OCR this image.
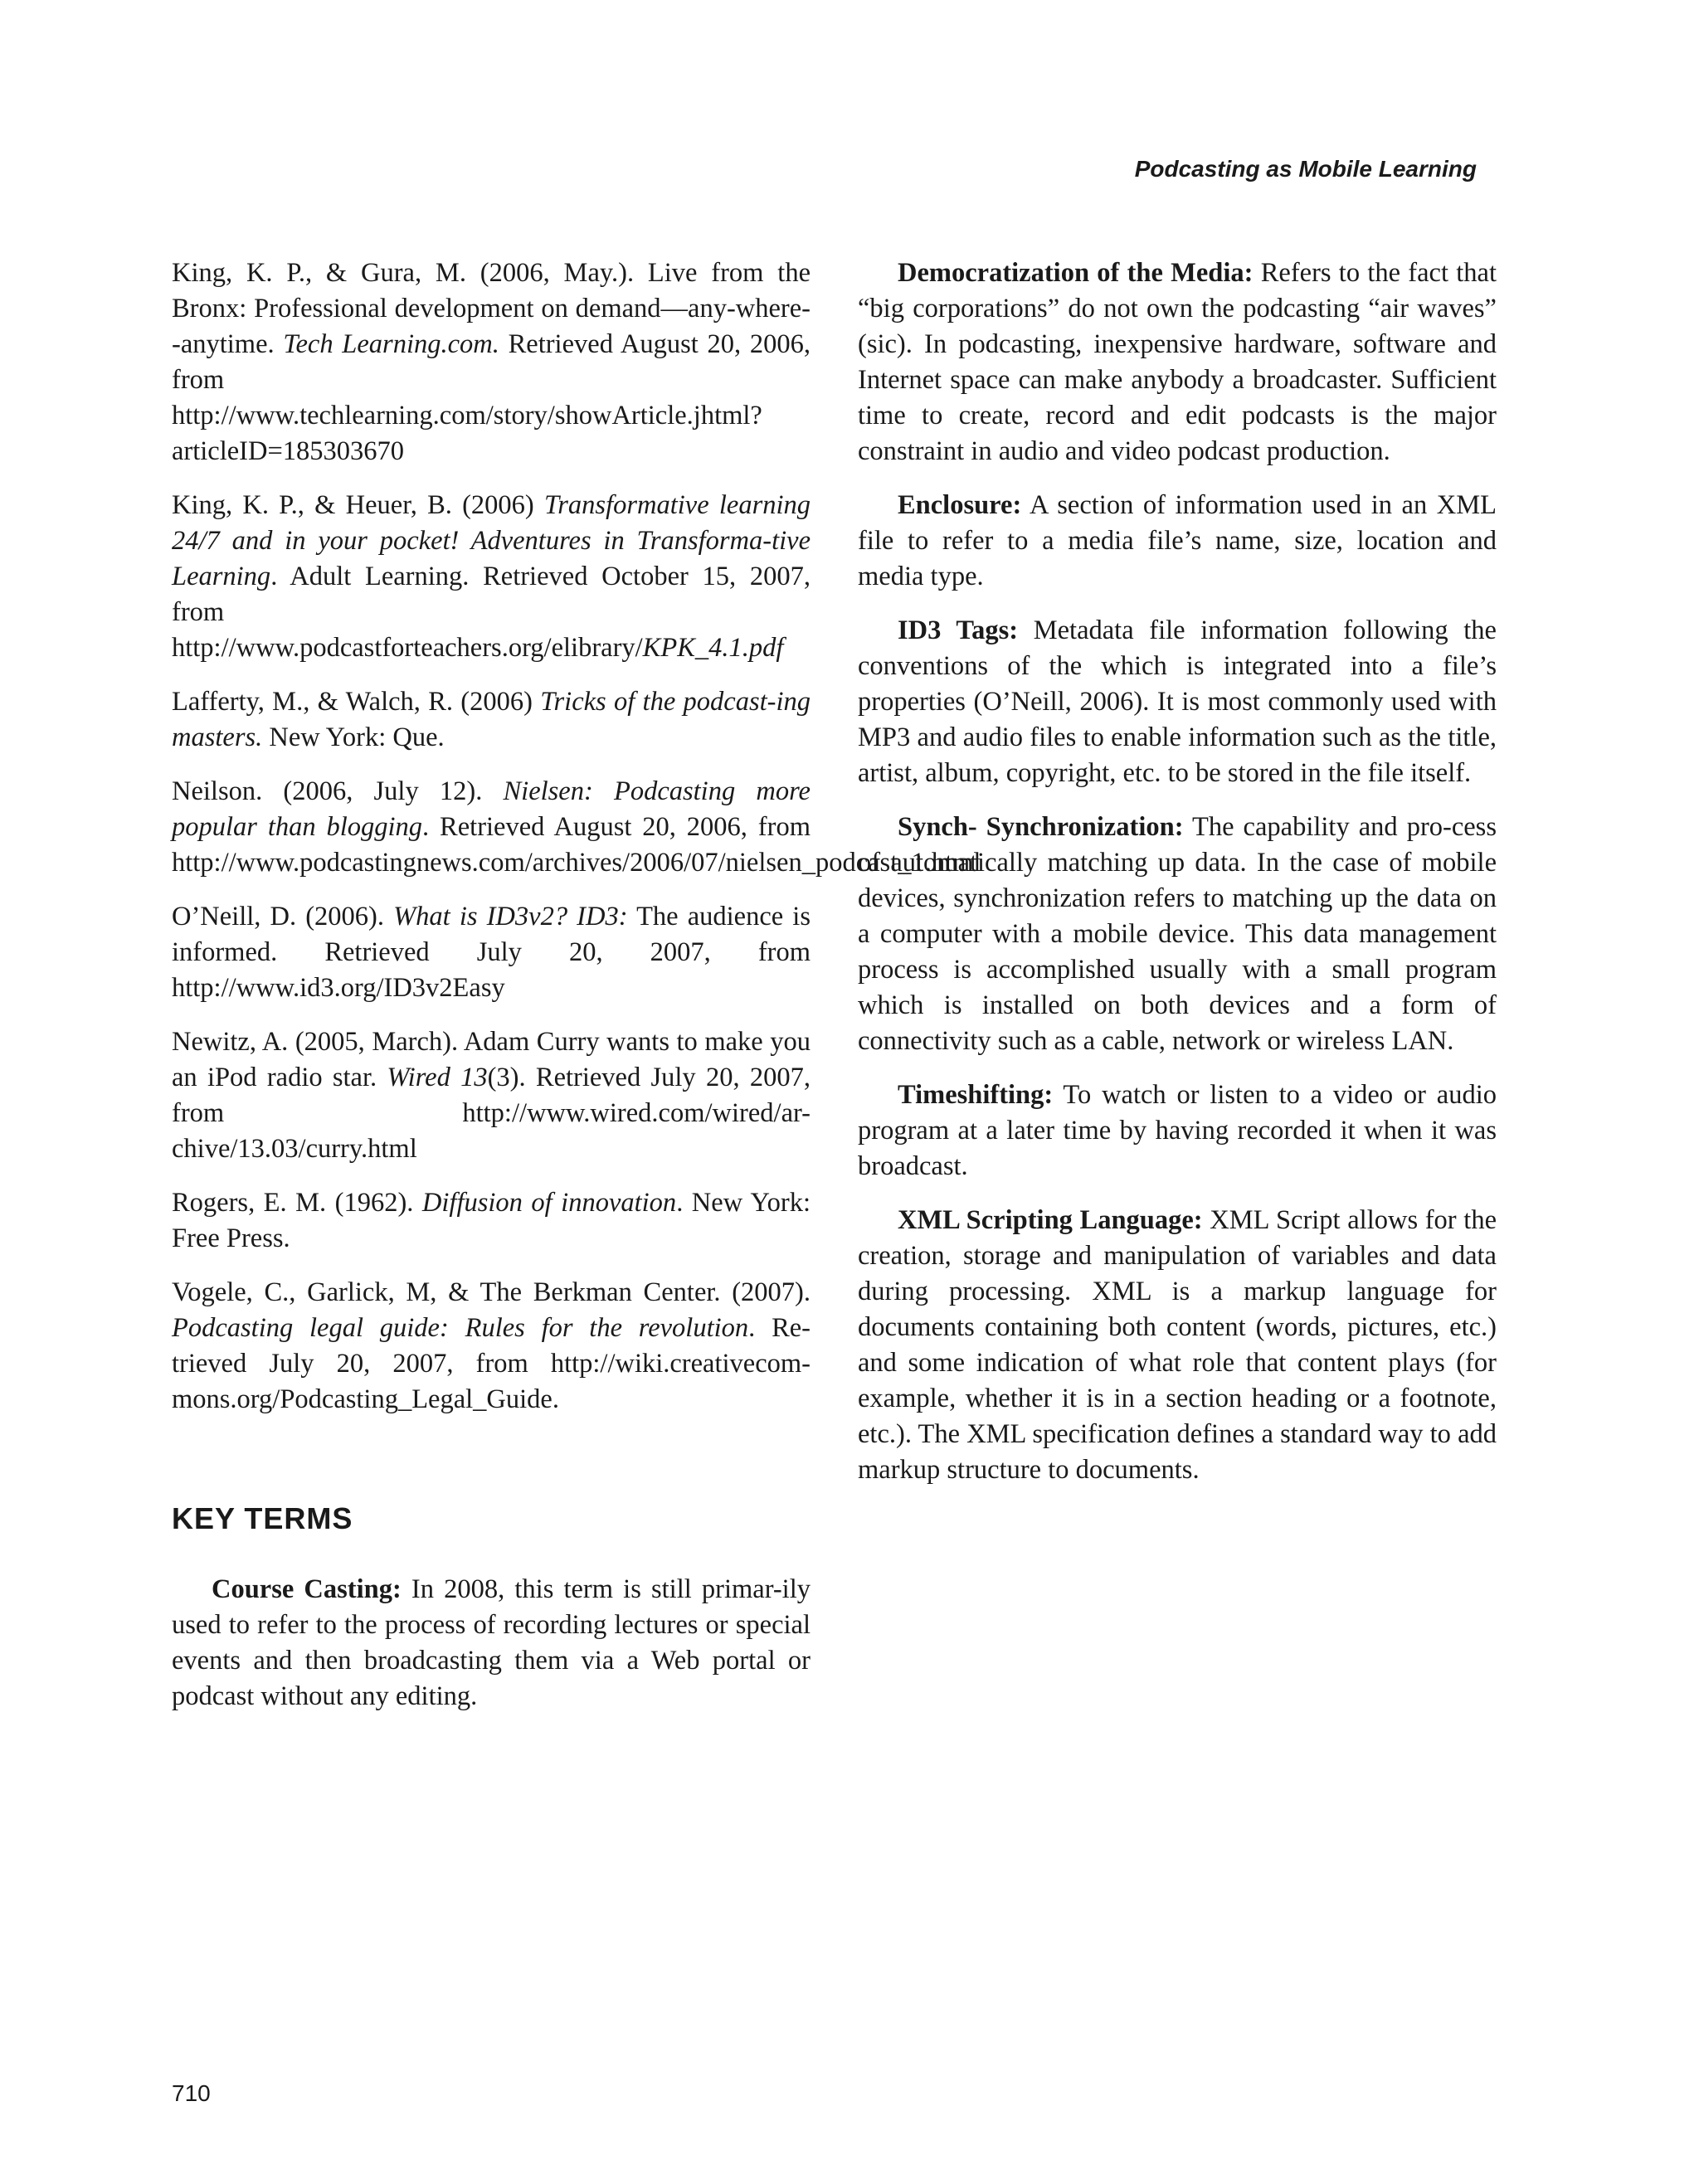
Podcasting as Mobile Learning

King, K. P., & Gura, M. (2006, May.). Live from the Bronx: Professional development on demand—any-where--anytime. Tech Learning.com. Retrieved August 20, 2006, from http://www.techlearning.com/story/showArticle.jhtml?articleID=185303670

King, K. P., & Heuer, B. (2006) Transformative learning 24/7 and in your pocket! Adventures in Transforma-tive Learning. Adult Learning. Retrieved October 15, 2007, from http://www.podcastforteachers.org/elibrary/KPK_4.1.pdf

Lafferty, M., & Walch, R. (2006) Tricks of the podcast-ing masters. New York: Que.

Neilson. (2006, July 12). Nielsen: Podcasting more popular than blogging. Retrieved August 20, 2006, from http://www.podcastingnews.com/archives/2006/07/nielsen_podcast_1.html

O’Neill, D. (2006). What is ID3v2? ID3: The audience is informed. Retrieved July 20, 2007, from http://www.id3.org/ID3v2Easy

Newitz, A. (2005, March). Adam Curry wants to make you an iPod radio star. Wired 13(3). Retrieved July 20, 2007, from http://www.wired.com/wired/ar-chive/13.03/curry.html

Rogers, E. M. (1962). Diffusion of innovation. New York: Free Press.

Vogele, C., Garlick, M, & The Berkman Center. (2007). Podcasting legal guide: Rules for the revolution. Re-trieved July 20, 2007, from http://wiki.creativecom-mons.org/Podcasting_Legal_Guide.

KEY TERMS

Course Casting: In 2008, this term is still primar-ily used to refer to the process of recording lectures or special events and then broadcasting them via a Web portal or podcast without any editing.

Democratization of the Media: Refers to the fact that “big corporations” do not own the podcasting “air waves” (sic). In podcasting, inexpensive hardware, software and Internet space can make anybody a broadcaster. Sufficient time to create, record and edit podcasts is the major constraint in audio and video podcast production.

Enclosure: A section of information used in an XML file to refer to a media file’s name, size, location and media type.

ID3 Tags: Metadata file information following the conventions of the which is integrated into a file’s properties (O’Neill, 2006). It is most commonly used with MP3 and audio files to enable information such as the title, artist, album, copyright, etc. to be stored in the file itself.

Synch- Synchronization: The capability and pro-cess of automatically matching up data. In the case of mobile devices, synchronization refers to matching up the data on a computer with a mobile device. This data management process is accomplished usually with a small program which is installed on both devices and a form of connectivity such as a cable, network or wireless LAN.

Timeshifting: To watch or listen to a video or audio program at a later time by having recorded it when it was broadcast.

XML Scripting Language: XML Script allows for the creation, storage and manipulation of variables and data during processing. XML is a markup language for documents containing both content (words, pictures, etc.) and some indication of what role that content plays (for example, whether it is in a section heading or a footnote, etc.). The XML specification defines a standard way to add markup structure to documents.

710
